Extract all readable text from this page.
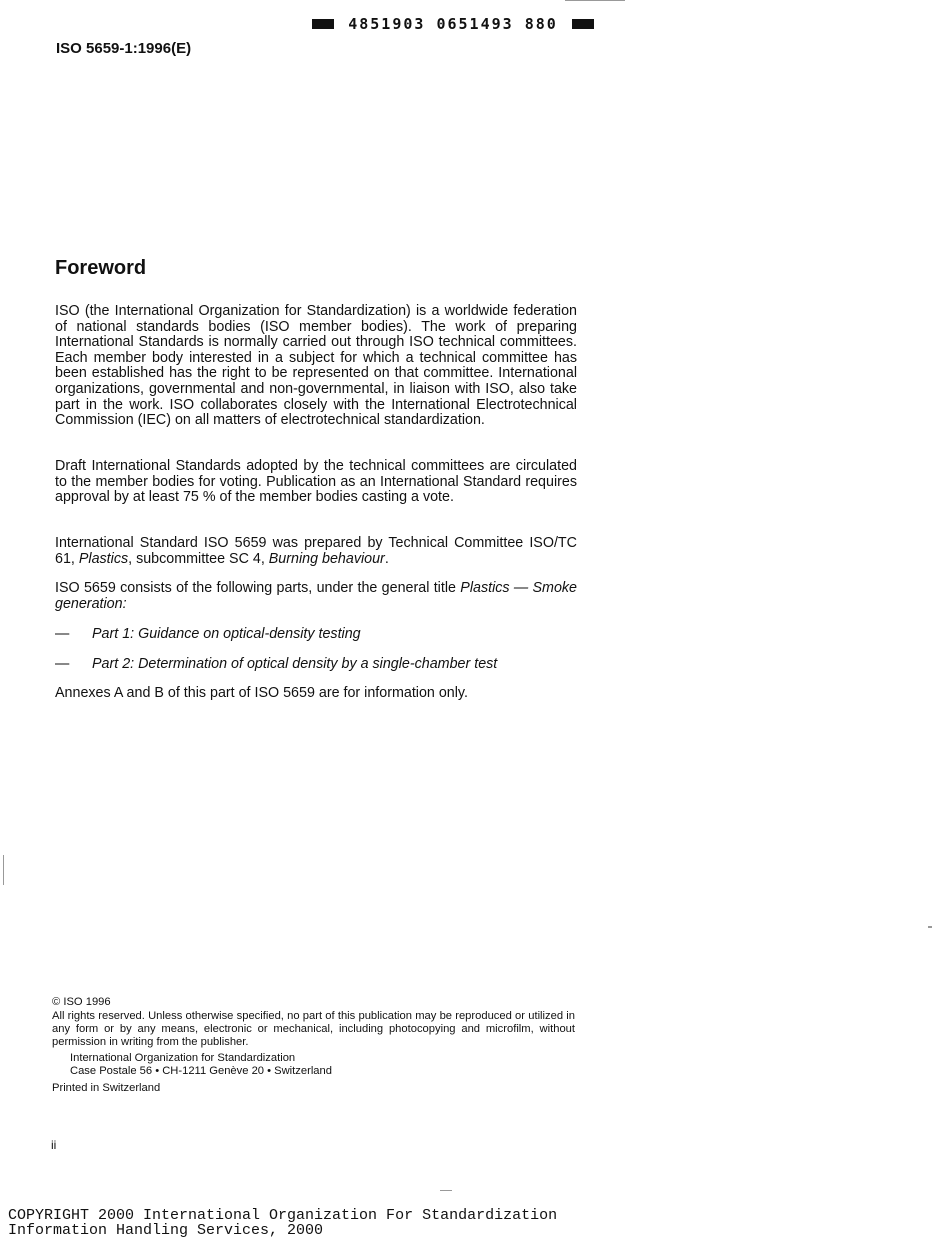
4851903 0651493 880
ISO 5659-1:1996(E)
Foreword
ISO (the International Organization for Standardization) is a worldwide federation of national standards bodies (ISO member bodies). The work of preparing International Standards is normally carried out through ISO technical committees. Each member body interested in a subject for which a technical committee has been established has the right to be represented on that committee. International organizations, governmental and non-governmental, in liaison with ISO, also take part in the work. ISO collaborates closely with the International Electrotechnical Commission (IEC) on all matters of electrotechnical standardization.
Draft International Standards adopted by the technical committees are circulated to the member bodies for voting. Publication as an International Standard requires approval by at least 75 % of the member bodies casting a vote.
International Standard ISO 5659 was prepared by Technical Committee ISO/TC 61, Plastics, subcommittee SC 4, Burning behaviour.
ISO 5659 consists of the following parts, under the general title Plastics — Smoke generation:
— Part 1: Guidance on optical-density testing
— Part 2: Determination of optical density by a single-chamber test
Annexes A and B of this part of ISO 5659 are for information only.
© ISO 1996
All rights reserved. Unless otherwise specified, no part of this publication may be reproduced or utilized in any form or by any means, electronic or mechanical, including photocopying and microfilm, without permission in writing from the publisher.
International Organization for Standardization
Case Postale 56 • CH-1211 Genève 20 • Switzerland
Printed in Switzerland
ii
COPYRIGHT 2000 International Organization For Standardization
Information Handling Services, 2000
